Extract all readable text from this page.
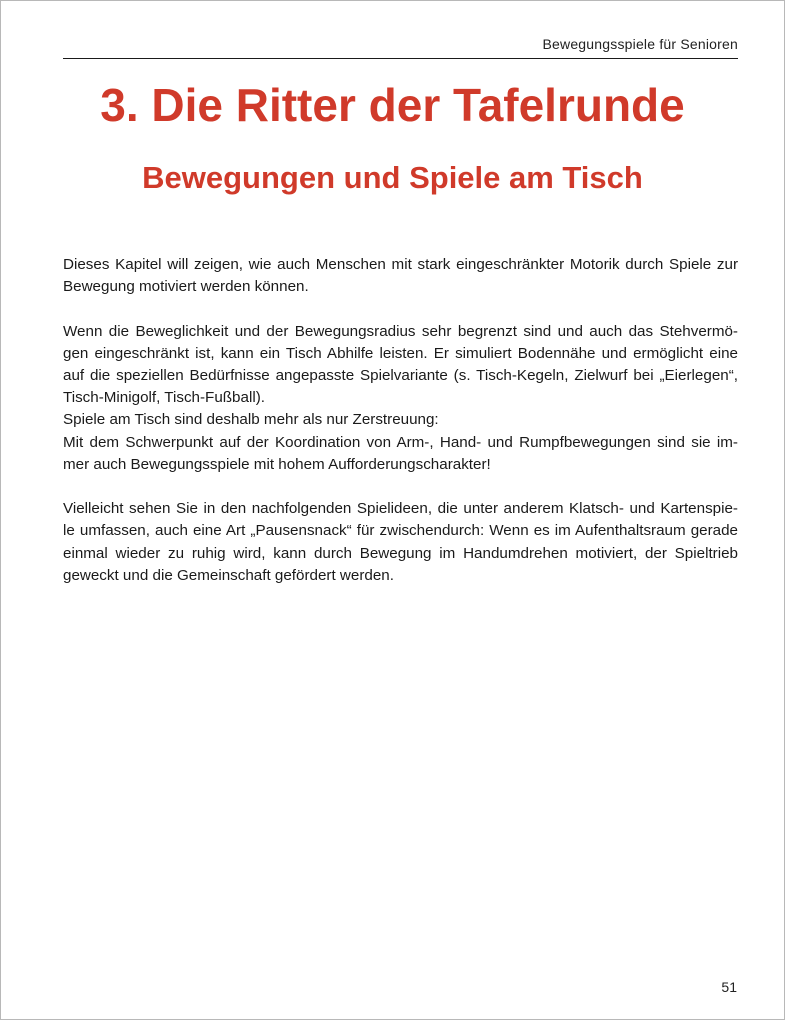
Bewegungsspiele für Senioren
3. Die Ritter der Tafelrunde
Bewegungen und Spiele am Tisch

Dieses Kapitel will zeigen, wie auch Menschen mit stark eingeschränkter Motorik durch Spiele zur
Bewegung motiviert werden können.

Wenn die Beweglichkeit und der Bewegungsradius sehr begrenzt sind und auch das Stehvermö-
gen eingeschränkt ist, kann ein Tisch Abhilfe leisten. Er simuliert Bodennähe und ermöglicht eine
auf die speziellen Bedürfnisse angepasste Spielvariante (s. Tisch-Kegeln, Zielwurf bei „Eierlegen“,
Tisch-Minigolf, Tisch-Fußball).
Spiele am Tisch sind deshalb mehr als nur Zerstreuung:
Mit dem Schwerpunkt auf der Koordination von Arm-, Hand- und Rumpfbewegungen sind sie im-
mer auch Bewegungsspiele mit hohem Aufforderungscharakter!

Vielleicht sehen Sie in den nachfolgenden Spielideen, die unter anderem Klatsch- und Kartenspie-
le umfassen, auch eine Art „Pausensnack“ für zwischendurch: Wenn es im Aufenthaltsraum gerade
einmal wieder zu ruhig wird, kann durch Bewegung im Handumdrehen motiviert, der Spieltrieb
geweckt und die Gemeinschaft gefördert werden.

51
